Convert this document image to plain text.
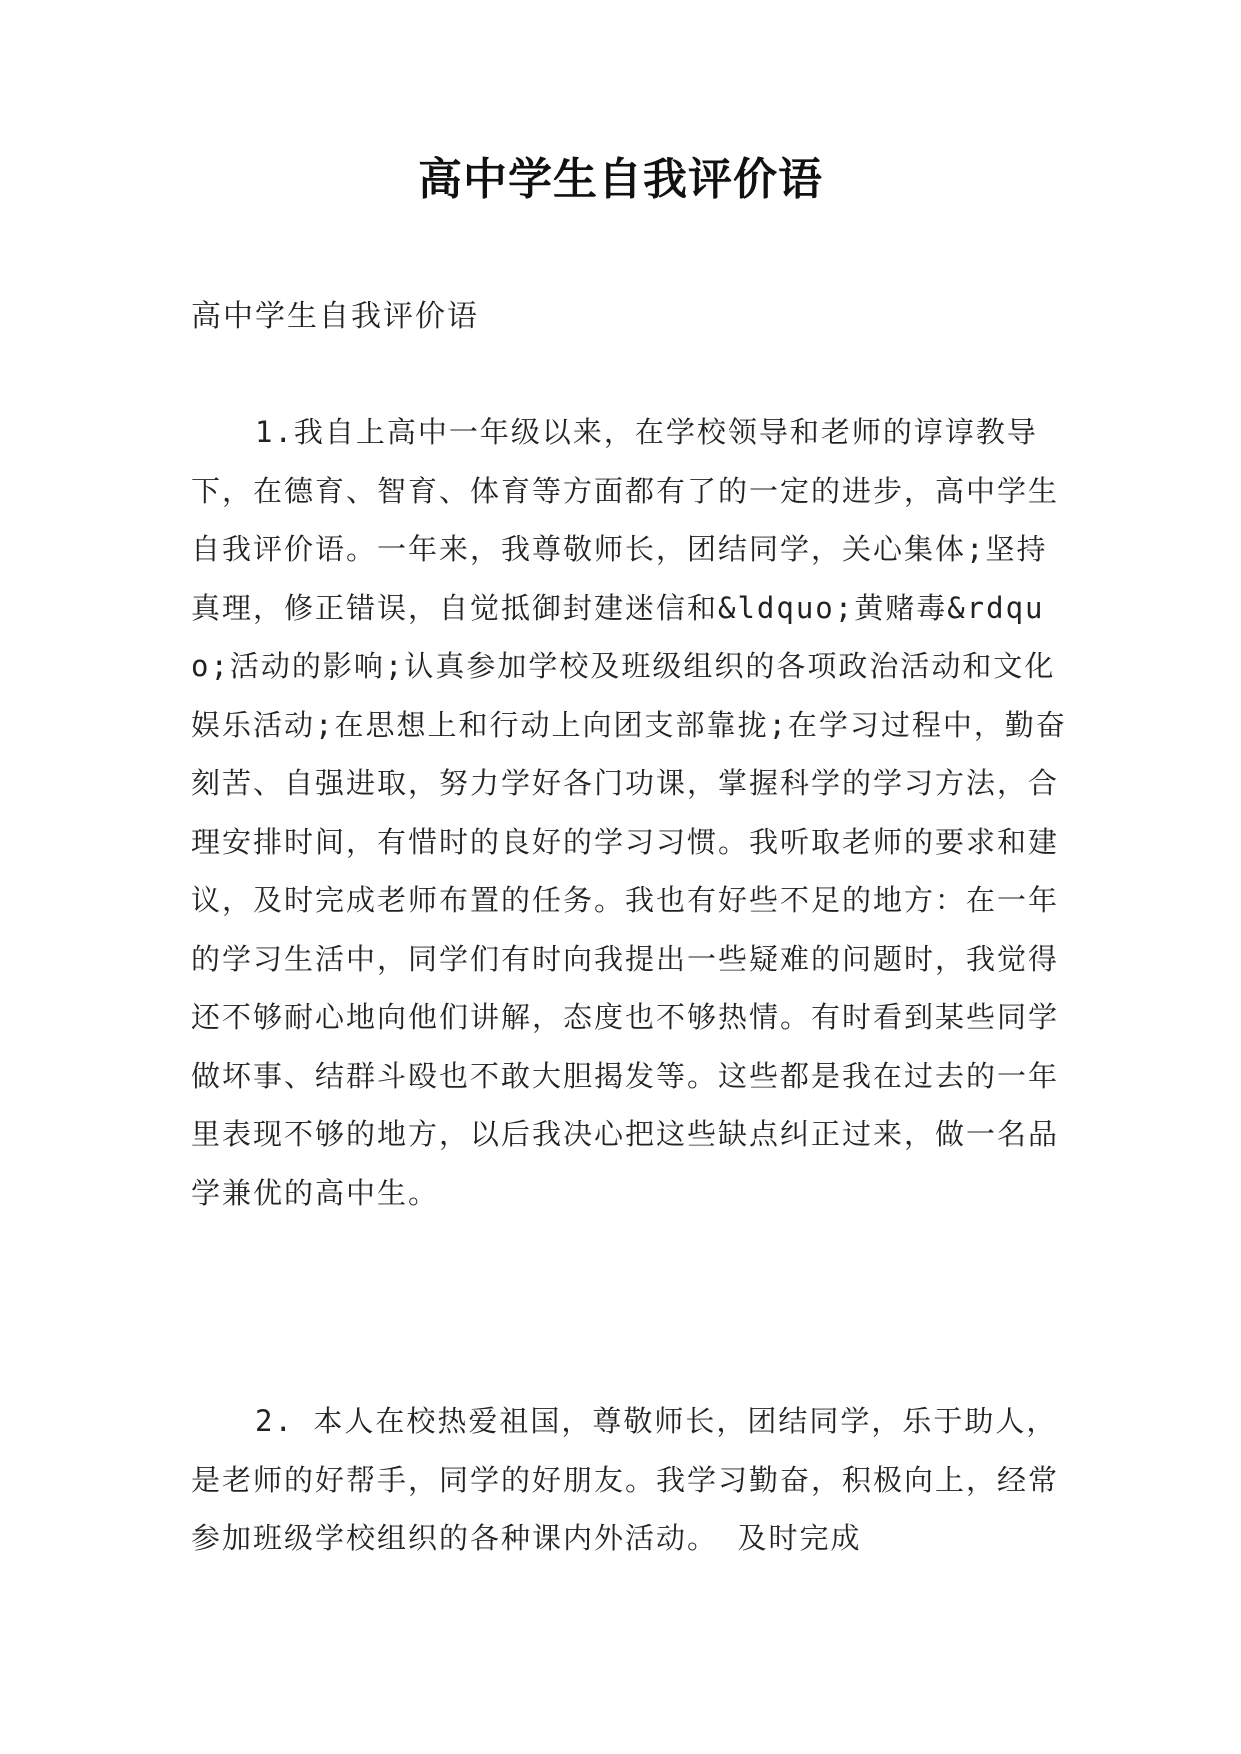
高中学生自我评价语
高中学生自我评价语

1.我自上高中一年级以来，在学校领导和老师的谆谆教导下，在德育、智育、体育等方面都有了的一定的进步，高中学生自我评价语。一年来，我尊敬师长，团结同学，关心集体;坚持真理，修正错误，自觉抵御封建迷信和&ldquo;黄赌毒&rdquo;活动的影响;认真参加学校及班级组织的各项政治活动和文化娱乐活动;在思想上和行动上向团支部靠拢;在学习过程中，勤奋刻苦、自强进取，努力学好各门功课，掌握科学的学习方法，合理安排时间，有惜时的良好的学习习惯。我听取老师的要求和建议，及时完成老师布置的任务。我也有好些不足的地方：在一年的学习生活中，同学们有时向我提出一些疑难的问题时，我觉得还不够耐心地向他们讲解，态度也不够热情。有时看到某些同学做坏事、结群斗殴也不敢大胆揭发等。这些都是我在过去的一年里表现不够的地方，以后我决心把这些缺点纠正过来，做一名品学兼优的高中生。

2. 本人在校热爱祖国，尊敬师长，团结同学，乐于助人，是老师的好帮手，同学的好朋友。我学习勤奋，积极向上，经常参加班级学校组织的各种课内外活动。 及时完成
